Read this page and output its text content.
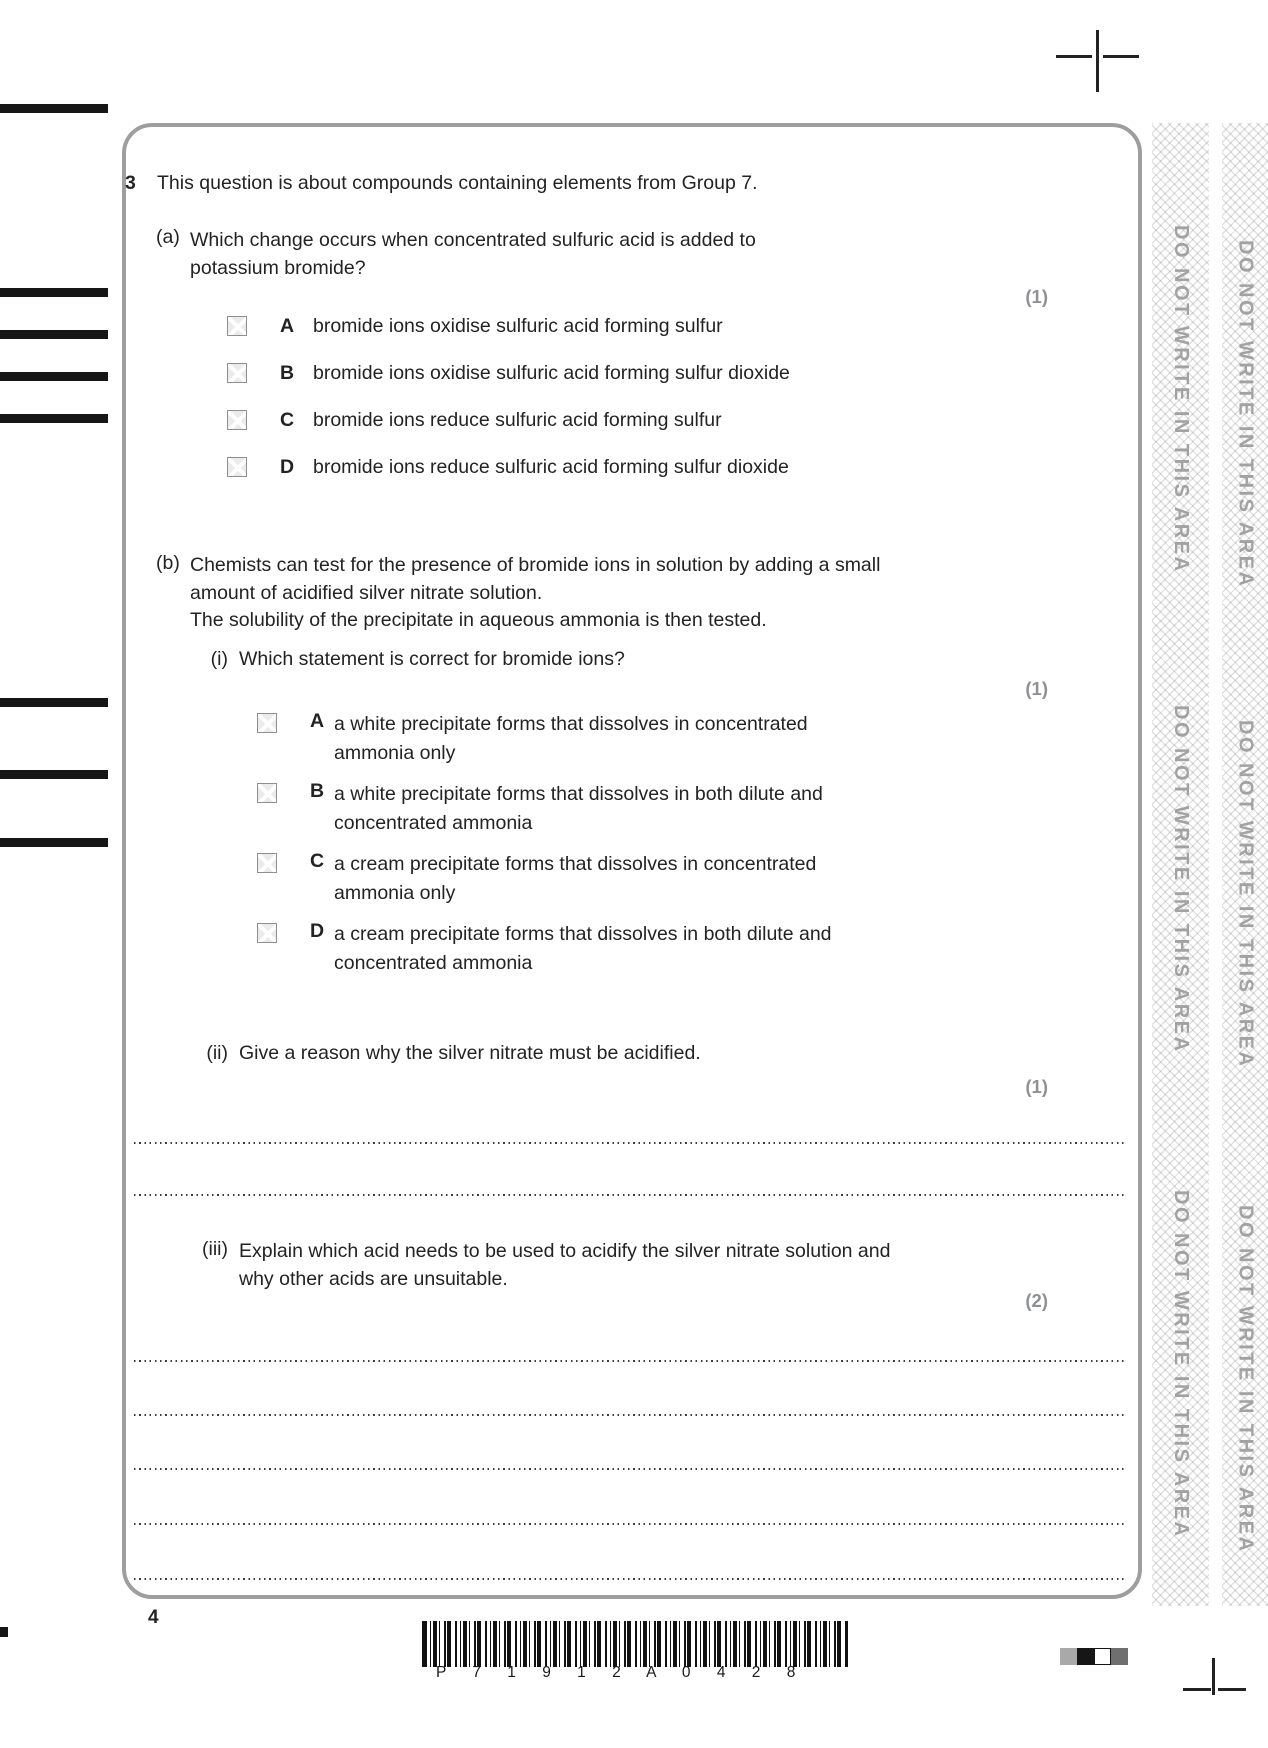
3 This question is about compounds containing elements from Group 7.
(a) Which change occurs when concentrated sulfuric acid is added to
potassium bromide?
(1)
A bromide ions oxidise sulfuric acid forming sulfur
B bromide ions oxidise sulfuric acid forming sulfur dioxide
C bromide ions reduce sulfuric acid forming sulfur
D bromide ions reduce sulfuric acid forming sulfur dioxide
(b) Chemists can test for the presence of bromide ions in solution by adding a small
amount of acidified silver nitrate solution.
The solubility of the precipitate in aqueous ammonia is then tested.
(i) Which statement is correct for bromide ions?
(1)
A a white precipitate forms that dissolves in concentrated
ammonia only
B a white precipitate forms that dissolves in both dilute and
concentrated ammonia
C a cream precipitate forms that dissolves in concentrated
ammonia only
D a cream precipitate forms that dissolves in both dilute and
concentrated ammonia
(ii) Give a reason why the silver nitrate must be acidified.
(1)
(iii) Explain which acid needs to be used to acidify the silver nitrate solution and
why other acids are unsuitable.
(2)
DO NOT WRITE IN THIS AREA
DO NOT WRITE IN THIS AREA
DO NOT WRITE IN THIS AREA
DO NOT WRITE IN THIS AREA
DO NOT WRITE IN THIS AREA
DO NOT WRITE IN THIS AREA
4
P 7 1 9 1 2 A 0 4 2 8
